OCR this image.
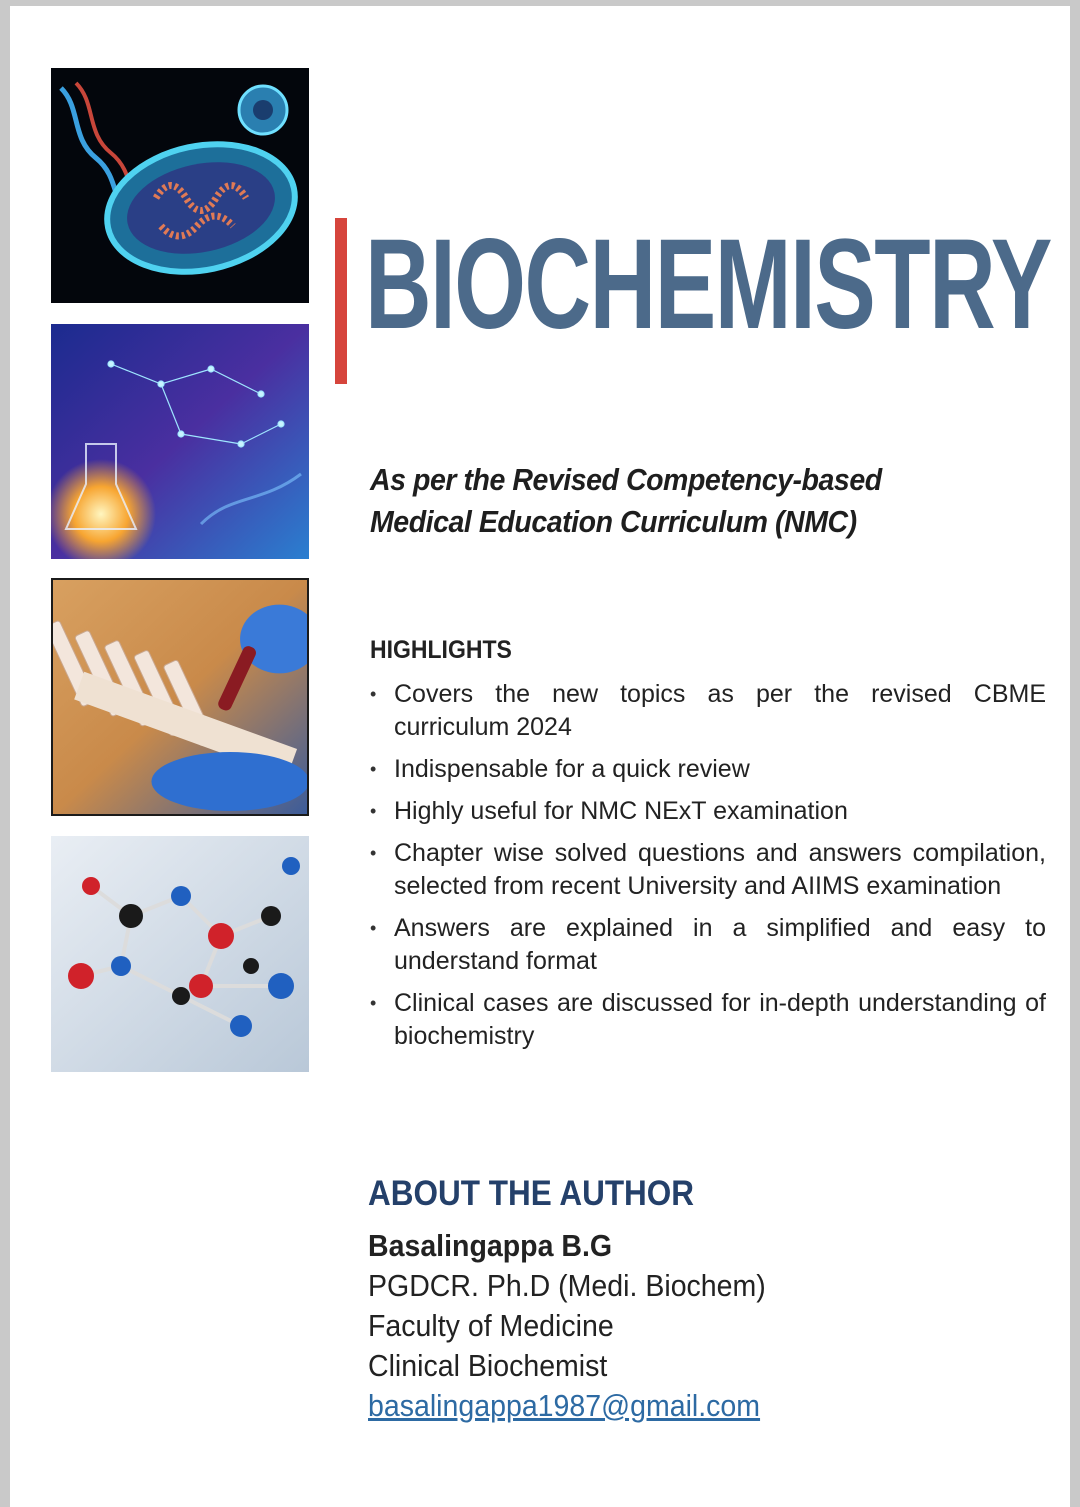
BIOCHEMISTRY
As per the Revised Competency-based
Medical Education Curriculum (NMC)
HIGHLIGHTS
• Covers the new topics as per the revised CBME curriculum 2024
• Indispensable for a quick review
• Highly useful for NMC NExT examination
• Chapter wise solved questions and answers compilation, selected from recent University and AIIMS examination
• Answers are explained in a simplified and easy to understand format
• Clinical cases are discussed for in-depth understanding of biochemistry
ABOUT THE AUTHOR
Basalingappa B.G
PGDCR. Ph.D (Medi. Biochem)
Faculty of Medicine
Clinical Biochemist
basalingappa1987@gmail.com
